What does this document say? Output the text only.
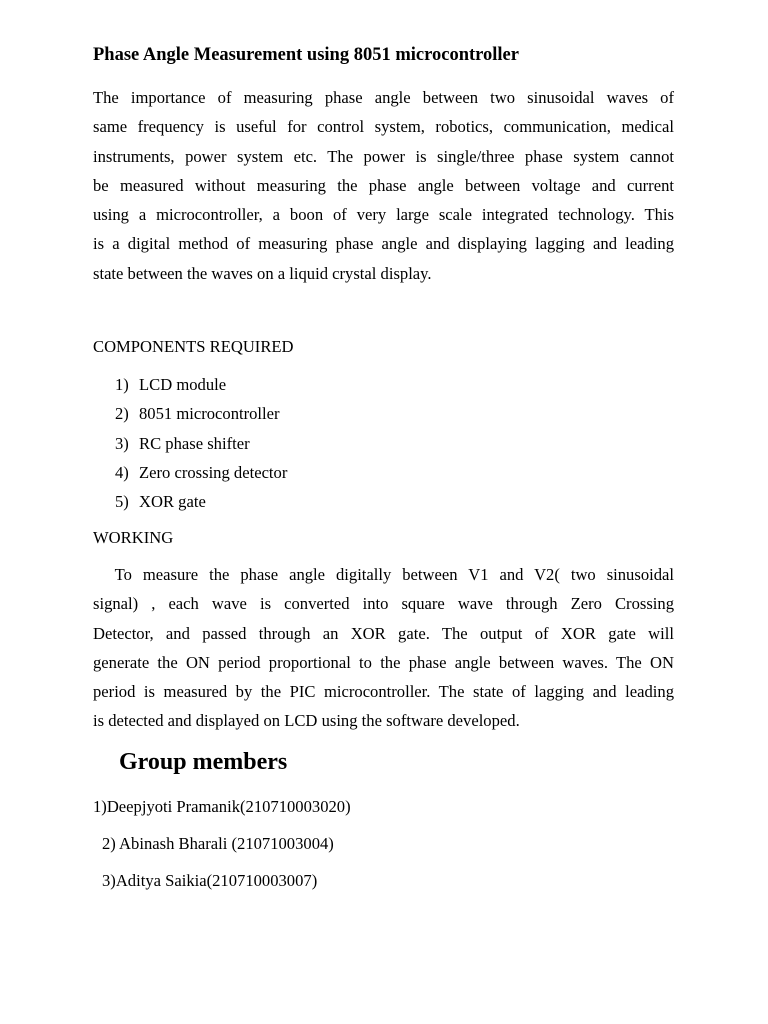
Phase Angle Measurement using 8051 microcontroller
The importance of measuring phase angle between two sinusoidal waves of
same frequency is useful for control system, robotics, communication, medical
instruments, power system etc. The power is single/three phase system cannot
be measured without measuring the phase angle between voltage and current
using a microcontroller, a boon of very large scale integrated technology. This
is a digital method of measuring phase angle and displaying lagging and leading
state between the waves on a liquid crystal display.
COMPONENTS REQUIRED
1) LCD module
2) 8051 microcontroller
3) RC phase shifter
4) Zero crossing detector
5) XOR gate
WORKING
To measure the phase angle digitally between V1 and V2( two sinusoidal
signal) , each wave is converted into square wave through Zero Crossing
Detector, and passed through an XOR gate. The output of XOR gate will
generate the ON period proportional to the phase angle between waves. The ON
period is measured by the PIC microcontroller. The state of lagging and leading
is detected and displayed on LCD using the software developed.
Group members
1)Deepjyoti Pramanik(210710003020)
2) Abinash Bharali (21071003004)
3)Aditya Saikia(210710003007)
